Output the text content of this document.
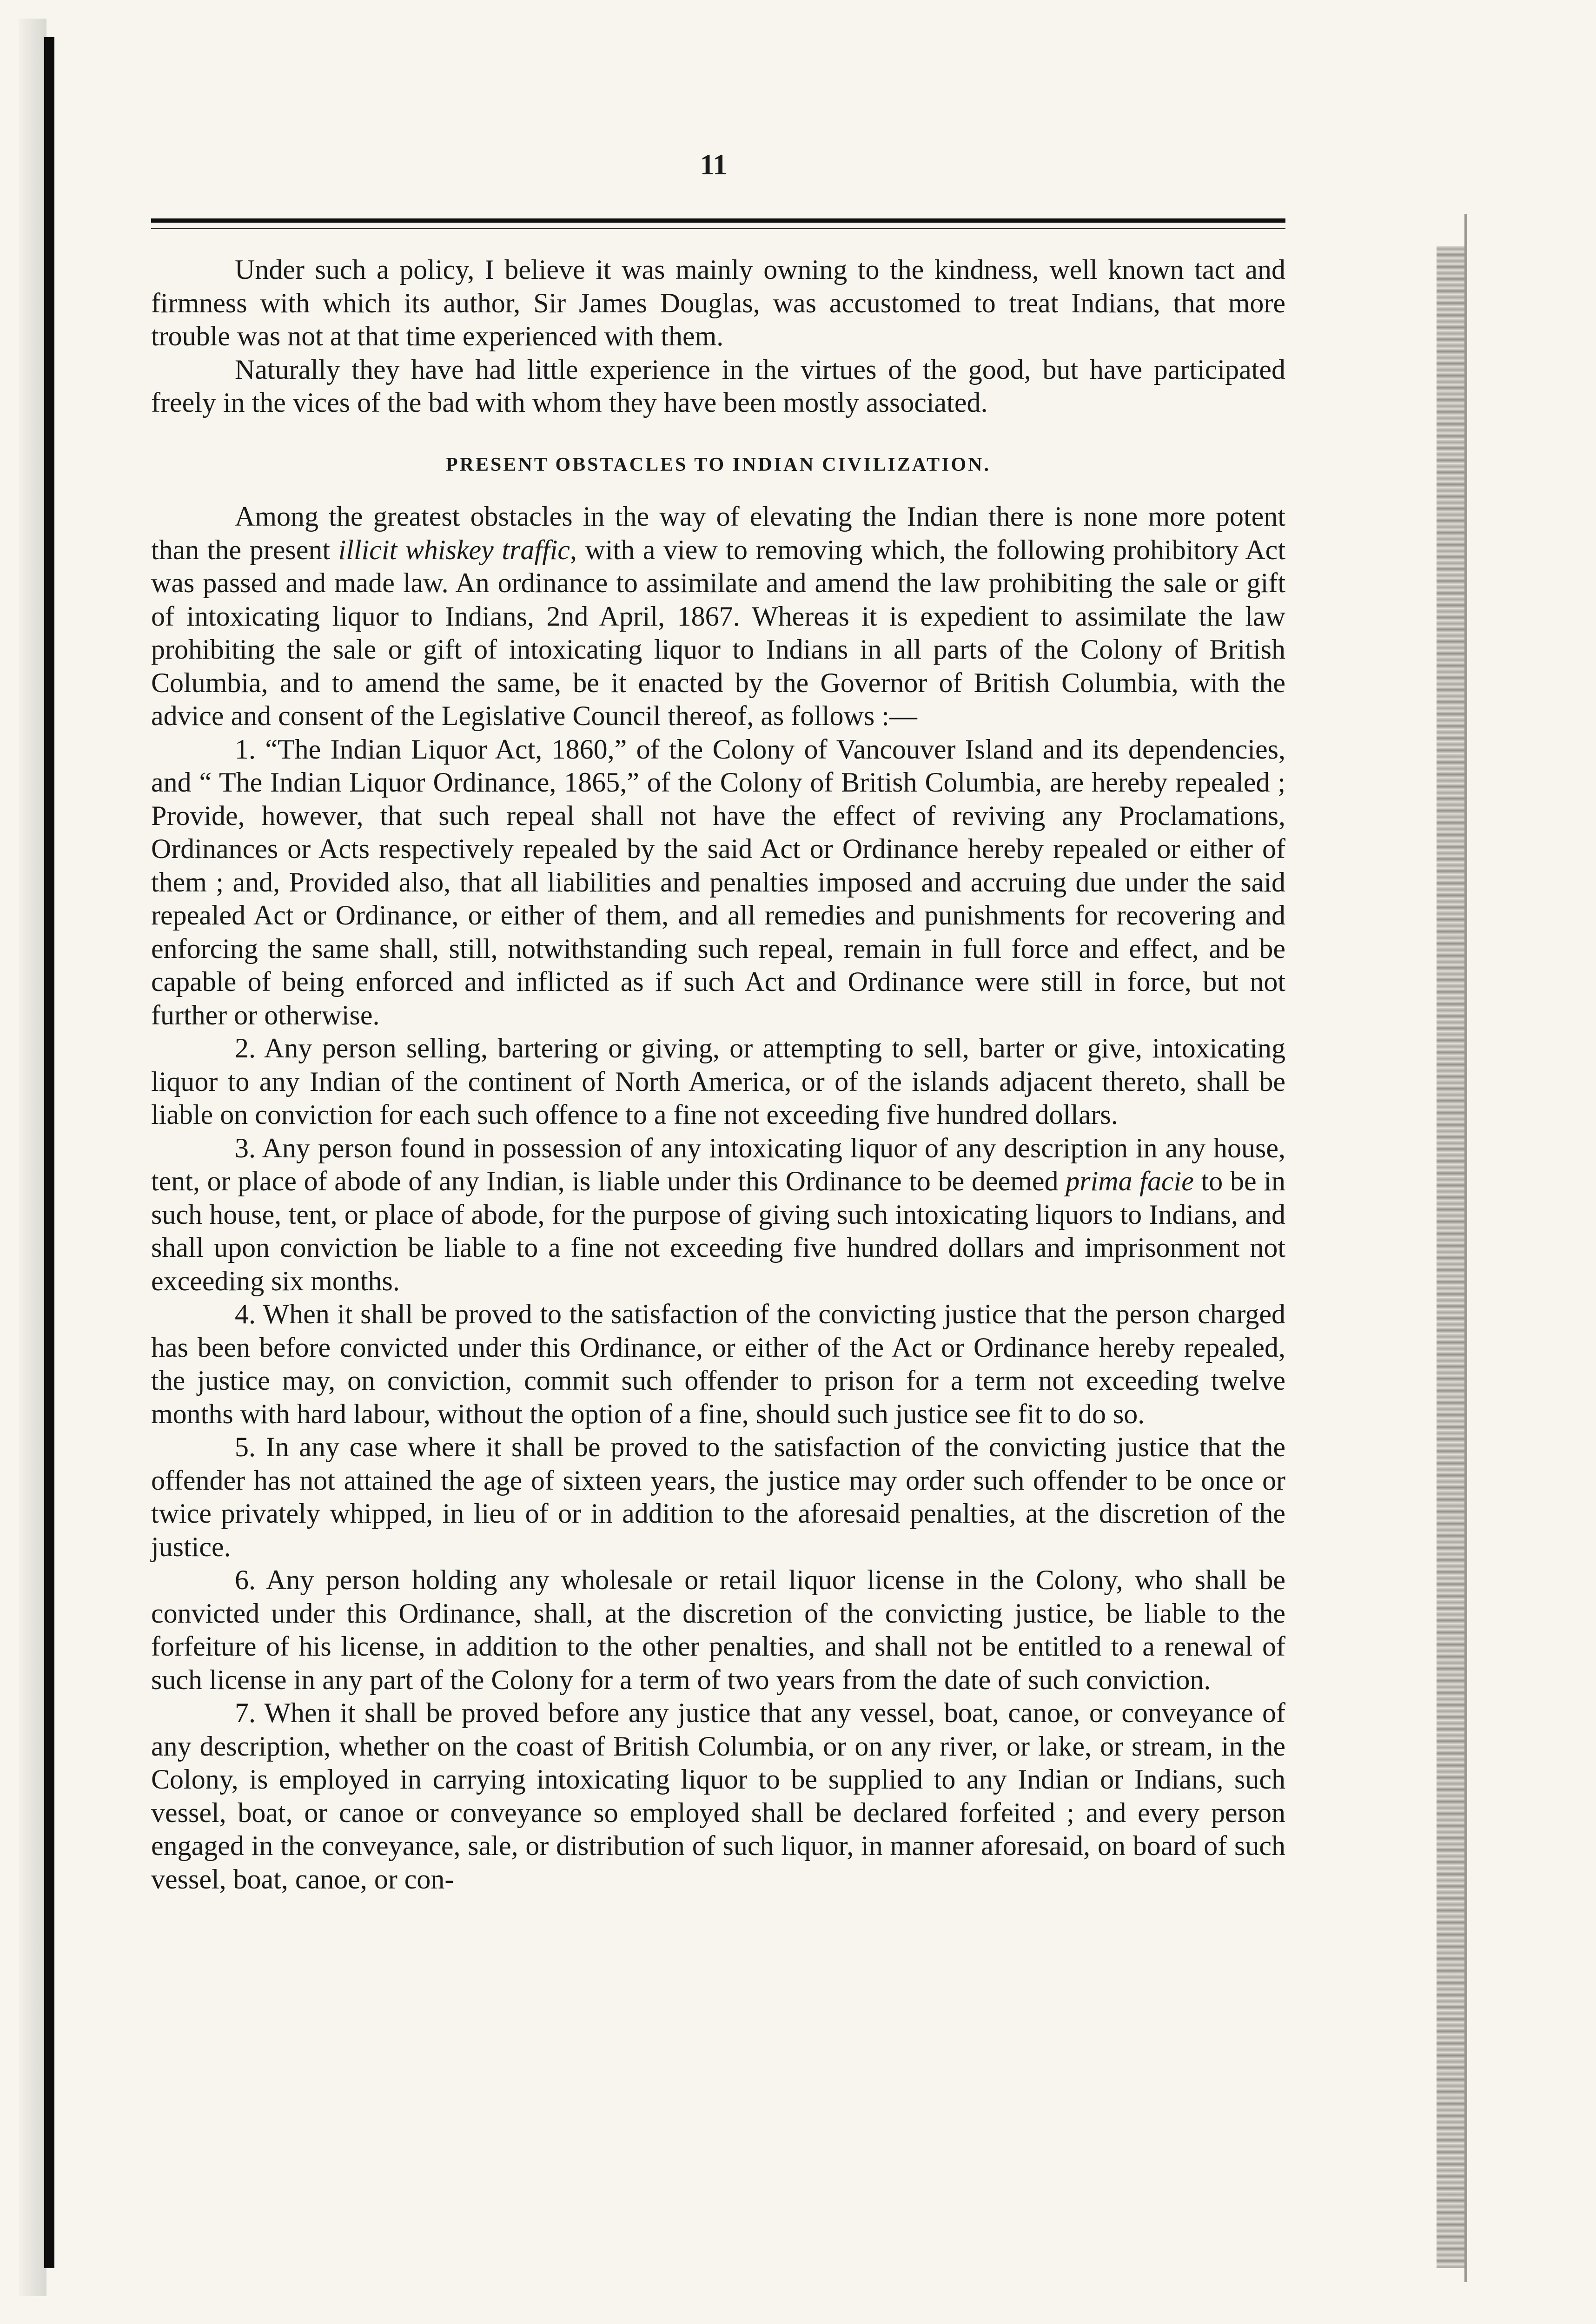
11

Under such a policy, I believe it was mainly owning to the kindness, well known tact and firmness with which its author, Sir James Douglas, was accustomed to treat Indians, that more trouble was not at that time experienced with them.

Naturally they have had little experience in the virtues of the good, but have participated freely in the vices of the bad with whom they have been mostly associated.

PRESENT OBSTACLES TO INDIAN CIVILIZATION.

Among the greatest obstacles in the way of elevating the Indian there is none more potent than the present illicit whiskey traffic, with a view to removing which, the following prohibitory Act was passed and made law. An ordinance to assimilate and amend the law prohibiting the sale or gift of intoxicating liquor to Indians, 2nd April, 1867. Whereas it is expedient to assimilate the law prohibiting the sale or gift of intoxicating liquor to Indians in all parts of the Colony of British Columbia, and to amend the same, be it enacted by the Governor of British Columbia, with the advice and consent of the Legislative Council thereof, as follows :—

1. “The Indian Liquor Act, 1860,” of the Colony of Vancouver Island and its dependencies, and “ The Indian Liquor Ordinance, 1865,” of the Colony of British Columbia, are hereby repealed ; Provide, however, that such repeal shall not have the effect of reviving any Proclamations, Ordinances or Acts respectively repealed by the said Act or Ordinance hereby repealed or either of them ; and, Provided also, that all liabilities and penalties imposed and accruing due under the said repealed Act or Ordinance, or either of them, and all remedies and punishments for recovering and enforcing the same shall, still, notwithstanding such repeal, remain in full force and effect, and be capable of being enforced and inflicted as if such Act and Ordinance were still in force, but not further or otherwise.

2. Any person selling, bartering or giving, or attempting to sell, barter or give, intoxicating liquor to any Indian of the continent of North America, or of the islands adjacent thereto, shall be liable on conviction for each such offence to a fine not exceeding five hundred dollars.

3. Any person found in possession of any intoxicating liquor of any description in any house, tent, or place of abode of any Indian, is liable under this Ordinance to be deemed prima facie to be in such house, tent, or place of abode, for the purpose of giving such intoxicating liquors to Indians, and shall upon conviction be liable to a fine not exceeding five hundred dollars and imprisonment not exceeding six months.

4. When it shall be proved to the satisfaction of the convicting justice that the person charged has been before convicted under this Ordinance, or either of the Act or Ordinance hereby repealed, the justice may, on conviction, commit such offender to prison for a term not exceeding twelve months with hard labour, without the option of a fine, should such justice see fit to do so.

5. In any case where it shall be proved to the satisfaction of the convicting justice that the offender has not attained the age of sixteen years, the justice may order such offender to be once or twice privately whipped, in lieu of or in addition to the aforesaid penalties, at the discretion of the justice.

6. Any person holding any wholesale or retail liquor license in the Colony, who shall be convicted under this Ordinance, shall, at the discretion of the convicting justice, be liable to the forfeiture of his license, in addition to the other penalties, and shall not be entitled to a renewal of such license in any part of the Colony for a term of two years from the date of such conviction.

7. When it shall be proved before any justice that any vessel, boat, canoe, or conveyance of any description, whether on the coast of British Columbia, or on any river, or lake, or stream, in the Colony, is employed in carrying intoxicating liquor to be supplied to any Indian or Indians, such vessel, boat, or canoe or conveyance so employed shall be declared forfeited ; and every person engaged in the conveyance, sale, or distribution of such liquor, in manner aforesaid, on board of such vessel, boat, canoe, or con-
